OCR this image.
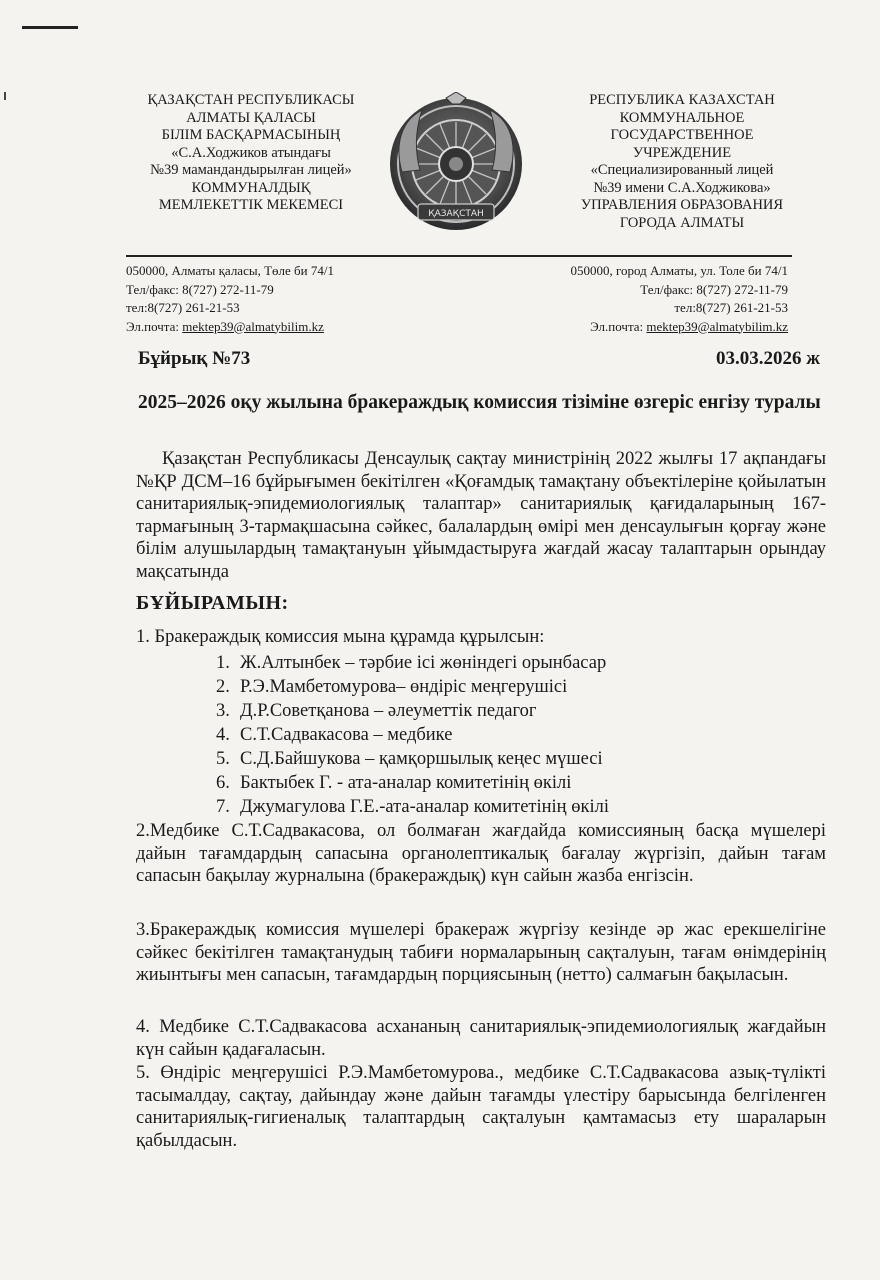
ҚАЗАҚСТАН РЕСПУБЛИКАСЫ
АЛМАТЫ ҚАЛАСЫ
БІЛІМ БАСҚАРМАСЫНЫҢ
«С.А.Ходжиков атындағы
№39 мамандандырылған лицей»
КОММУНАЛДЫҚ
МЕМЛЕКЕТТІК МЕКЕМЕСІ
ҚАЗАҚСТАН
РЕСПУБЛИКА КАЗАХСТАН
КОММУНАЛЬНОЕ
ГОСУДАРСТВЕННОЕ
УЧРЕЖДЕНИЕ
«Специализированный лицей
№39 имени С.А.Ходжикова»
УПРАВЛЕНИЯ ОБРАЗОВАНИЯ
ГОРОДА АЛМАТЫ
050000, Алматы қаласы, Төле би 74/1
Тел/факс: 8(727) 272-11-79
тел:8(727) 261-21-53
Эл.почта: mektep39@almatybilim.kz
050000, город Алматы, ул. Толе би 74/1
Тел/факс: 8(727) 272-11-79
тел:8(727) 261-21-53
Эл.почта: mektep39@almatybilim.kz
Бұйрық №73	03.03.2026 ж
2025–2026 оқу жылына бракераждық комиссия тізіміне өзгеріс енгізу туралы
Қазақстан Республикасы Денсаулық сақтау министрінің 2022 жылғы 17 ақпандағы №ҚР ДСМ–16 бұйрығымен бекітілген «Қоғамдық тамақтану объектілеріне қойылатын санитариялық-эпидемиологиялық талаптар» санитариялық қағидаларының 167-тармағының 3-тармақшасына сәйкес, балалардың өмірі мен денсаулығын қорғау және білім алушылардың тамақтануын ұйымдастыруға жағдай жасау талаптарын орындау мақсатында
БҰЙЫРАМЫН:
1. Бракераждық комиссия мына құрамда құрылсын:
1. Ж.Алтынбек – тәрбие ісі жөніндегі орынбасар
2. Р.Э.Мамбетомурова– өндіріс меңгерушісі
3. Д.Р.Советқанова – әлеуметтік педагог
4. С.Т.Садвакасова – медбике
5. С.Д.Байшукова – қамқоршылық кеңес мүшесі
6. Бактыбек Г. - ата-аналар комитетінің өкілі
7. Джумагулова Г.Е.-ата-аналар комитетінің өкілі
2.Медбике С.Т.Садвакасова, ол болмаған жағдайда комиссияның басқа мүшелері дайын тағамдардың сапасына органолептикалық бағалау жүргізіп, дайын тағам сапасын бақылау журналына (бракераждық) күн сайын жазба енгізсін.
3.Бракераждық комиссия мүшелері бракераж жүргізу кезінде әр жас ерекшелігіне сәйкес бекітілген тамақтанудың табиғи нормаларының сақталуын, тағам өнімдерінің жиынтығы мен сапасын, тағамдардың порциясының (нетто) салмағын бақыласын.
4. Медбике С.Т.Садвакасова асхананың санитариялық-эпидемиологиялық жағдайын күн сайын қадағаласын.
5. Өндіріс меңгерушісі Р.Э.Мамбетомурова., медбике С.Т.Садвакасова азық-түлікті тасымалдау, сақтау, дайындау және дайын тағамды үлестіру барысында белгіленген санитариялық-гигиеналық талаптардың сақталуын қамтамасыз ету шараларын қабылдасын.
